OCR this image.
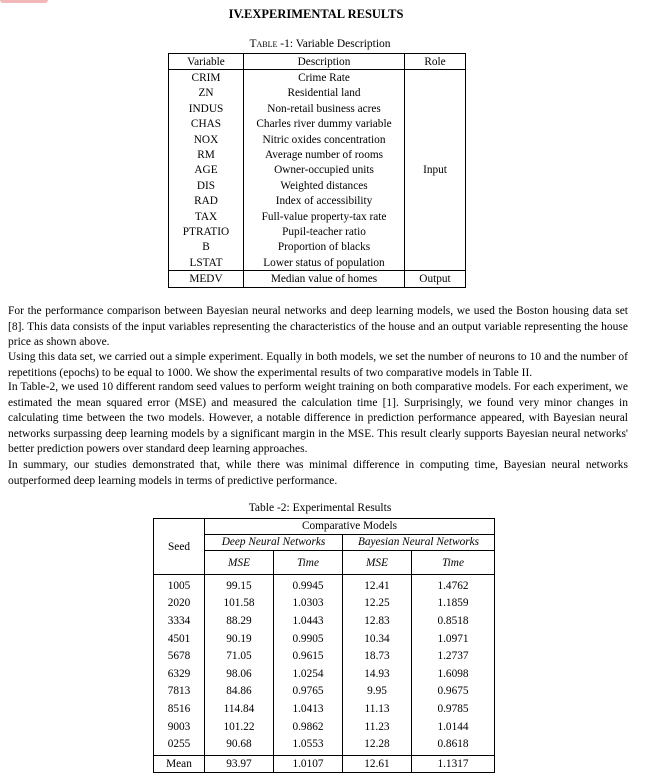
IV.EXPERIMENTAL RESULTS
Table -1: Variable Description
Variable	Description	Role
CRIM	Crime Rate	Input
ZN	Residential land	
INDUS	Non-retail business acres	
CHAS	Charles river dummy variable	
NOX	Nitric oxides concentration	
RM	Average number of rooms	
AGE	Owner-occupied units	
DIS	Weighted distances	
RAD	Index of accessibility	
TAX	Full-value property-tax rate	
PTRATIO	Pupil-teacher ratio	
B	Proportion of blacks	
LSTAT	Lower status of population	
MEDV	Median value of homes	Output

For the performance comparison between Bayesian neural networks and deep learning models, we used the Boston housing data set [8]. This data consists of the input variables representing the characteristics of the house and an output variable representing the house price as shown above.

Using this data set, we carried out a simple experiment. Equally in both models, we set the number of neurons to 10 and the number of repetitions (epochs) to be equal to 1000. We show the experimental results of two comparative models in Table II.

In Table-2, we used 10 different random seed values to perform weight training on both comparative models. For each experiment, we estimated the mean squared error (MSE) and measured the calculation time [1]. Surprisingly, we found very minor changes in calculating time between the two models. However, a notable difference in prediction performance appeared, with Bayesian neural networks surpassing deep learning models by a significant margin in the MSE. This result clearly supports Bayesian neural networks' better prediction powers over standard deep learning approaches.

In summary, our studies demonstrated that, while there was minimal difference in computing time, Bayesian neural networks outperformed deep learning models in terms of predictive performance.

Table -2: Experimental Results
Seed	Comparative Models			
	Deep Neural Networks		Bayesian Neural Networks	
	MSE	Time	MSE	Time
1005	99.15	0.9945	12.41	1.4762
2020	101.58	1.0303	12.25	1.1859
3334	88.29	1.0443	12.83	0.8518
4501	90.19	0.9905	10.34	1.0971
5678	71.05	0.9615	18.73	1.2737
6329	98.06	1.0254	14.93	1.6098
7813	84.86	0.9765	9.95	0.9675
8516	114.84	1.0413	11.13	0.9785
9003	101.22	0.9862	11.23	1.0144
0255	90.68	1.0553	12.28	0.8618
Mean	93.97	1.0107	12.61	1.1317
